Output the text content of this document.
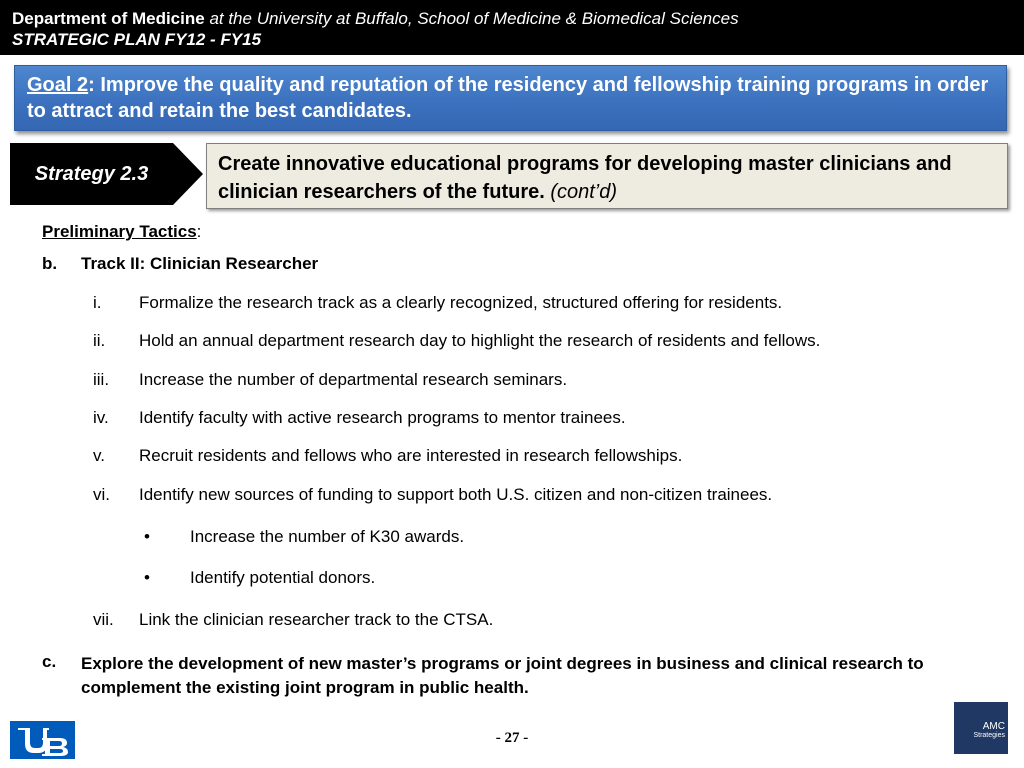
Department of Medicine at the University at Buffalo, School of Medicine & Biomedical Sciences
STRATEGIC PLAN FY12 - FY15
Goal 2: Improve the quality and reputation of the residency and fellowship training programs in order to attract and retain the best candidates.
Strategy 2.3	Create innovative educational programs for developing master clinicians and clinician researchers of the future. (cont’d)
Preliminary Tactics:
b. Track II: Clinician Researcher
i. Formalize the research track as a clearly recognized, structured offering for residents.
ii. Hold an annual department research day to highlight the research of residents and fellows.
iii. Increase the number of departmental research seminars.
iv. Identify faculty with active research programs to mentor trainees.
v. Recruit residents and fellows who are interested in research fellowships.
vi. Identify new sources of funding to support both U.S. citizen and non-citizen trainees.
• Increase the number of K30 awards.
• Identify potential donors.
vii. Link the clinician researcher track to the CTSA.
c. Explore the development of new master’s programs or joint degrees in business and clinical research to complement the existing joint program in public health.
- 27 -
AMC
Strategies
